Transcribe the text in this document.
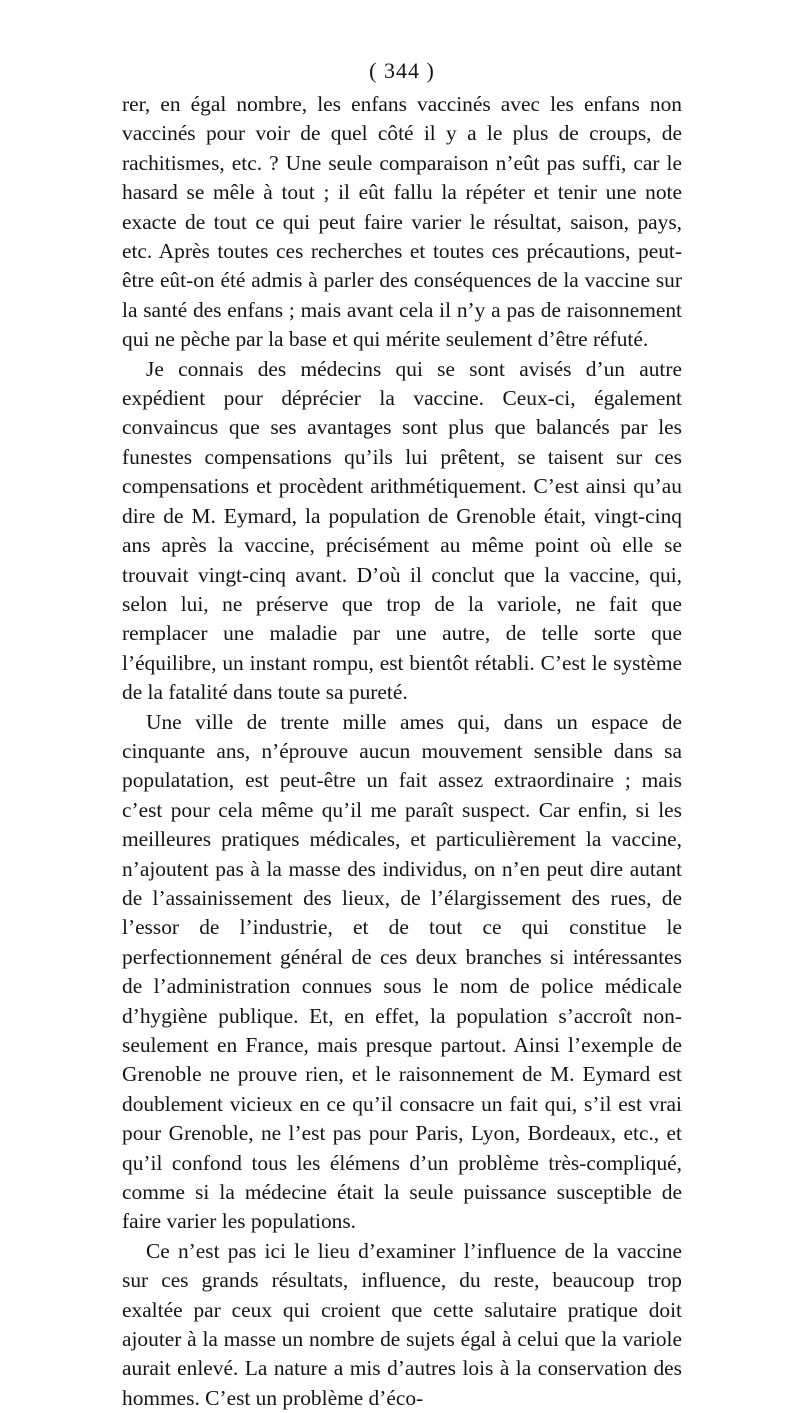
( 344 )

rer, en égal nombre, les enfans vaccinés avec les enfans non vaccinés pour voir de quel côté il y a le plus de croups, de rachitismes, etc. ? Une seule comparaison n’eût pas suffi, car le hasard se mêle à tout ; il eût fallu la répéter et tenir une note exacte de tout ce qui peut faire varier le résultat, saison, pays, etc. Après toutes ces recherches et toutes ces précautions, peut-être eût-on été admis à parler des conséquences de la vaccine sur la santé des enfans ; mais avant cela il n’y a pas de raisonnement qui ne pèche par la base et qui mérite seulement d’être réfuté.

Je connais des médecins qui se sont avisés d’un autre expédient pour déprécier la vaccine. Ceux-ci, également convaincus que ses avantages sont plus que balancés par les funestes compensations qu’ils lui prêtent, se taisent sur ces compensations et procèdent arithmétiquement. C’est ainsi qu’au dire de M. Eymard, la population de Grenoble était, vingt-cinq ans après la vaccine, précisément au même point où elle se trouvait vingt-cinq avant. D’où il conclut que la vaccine, qui, selon lui, ne préserve que trop de la variole, ne fait que remplacer une maladie par une autre, de telle sorte que l’équilibre, un instant rompu, est bientôt rétabli. C’est le système de la fatalité dans toute sa pureté.

Une ville de trente mille ames qui, dans un espace de cinquante ans, n’éprouve aucun mouvement sensible dans sa populatation, est peut-être un fait assez extraordinaire ; mais c’est pour cela même qu’il me paraît suspect. Car enfin, si les meilleures pratiques médicales, et particulièrement la vaccine, n’ajoutent pas à la masse des individus, on n’en peut dire autant de l’assainissement des lieux, de l’élargissement des rues, de l’essor de l’industrie, et de tout ce qui constitue le perfectionnement général de ces deux branches si intéressantes de l’administration connues sous le nom de police médicale d’hygiène publique. Et, en effet, la population s’accroît non-seulement en France, mais presque partout. Ainsi l’exemple de Grenoble ne prouve rien, et le raisonnement de M. Eymard est doublement vicieux en ce qu’il consacre un fait qui, s’il est vrai pour Grenoble, ne l’est pas pour Paris, Lyon, Bordeaux, etc., et qu’il confond tous les élémens d’un problème très-compliqué, comme si la médecine était la seule puissance susceptible de faire varier les populations.

Ce n’est pas ici le lieu d’examiner l’influence de la vaccine sur ces grands résultats, influence, du reste, beaucoup trop exaltée par ceux qui croient que cette salutaire pratique doit ajouter à la masse un nombre de sujets égal à celui que la variole aurait enlevé. La nature a mis d’autres lois à la conservation des hommes. C’est un problème d’éco-
